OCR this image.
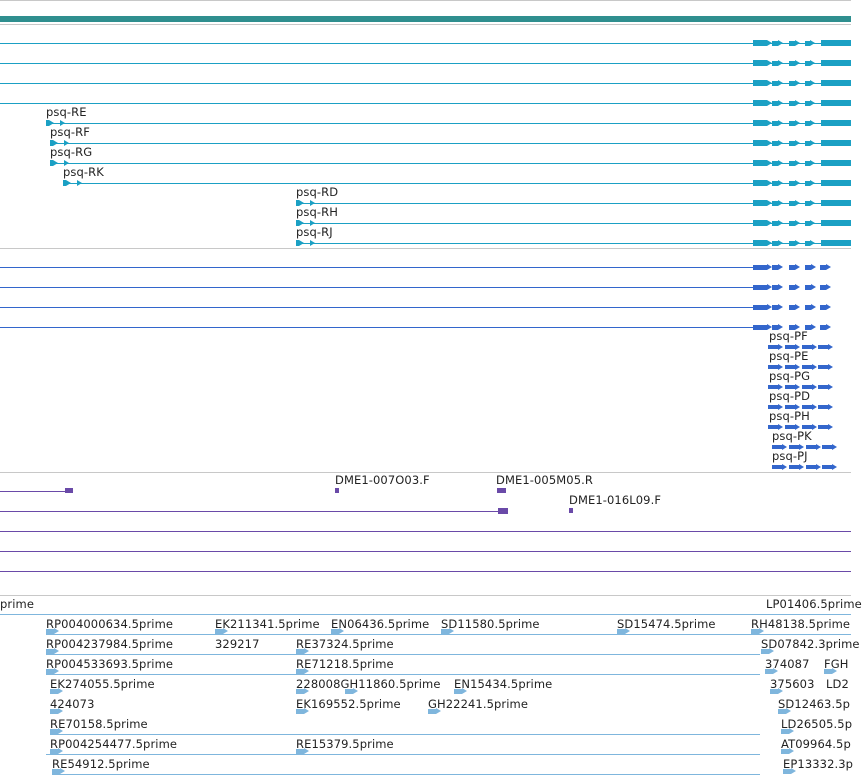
psq-RE
psq-RF
psq-RG
psq-RK
psq-RD
psq-RH
psq-RJ
psq-PF
psq-PE
psq-PG
psq-PD
psq-PH
psq-PK
psq-PJ
DME1-007O03.F	DME1-005M05.R
DME1-016L09.F
prime	LP01406.5prime
RP004000634.5prime	EK211341.5prime EN06436.5prime SD11580.5prime	SD15474.5prime	RH48138.5prime
RP004237984.5prime	329217	RE37324.5prime	SD07842.3prime
RP004533693.5prime	RE71218.5prime	374087 FGH
EK274055.5prime	228008GH11860.5prime EN15434.5prime	375603 LD2
424073	EK169552.5prime GH22241.5prime	SD12463.5p
RE70158.5prime	LD26505.5p
RP004254477.5prime	RE15379.5prime	AT09964.5p
RE54912.5prime	EP13332.3p
